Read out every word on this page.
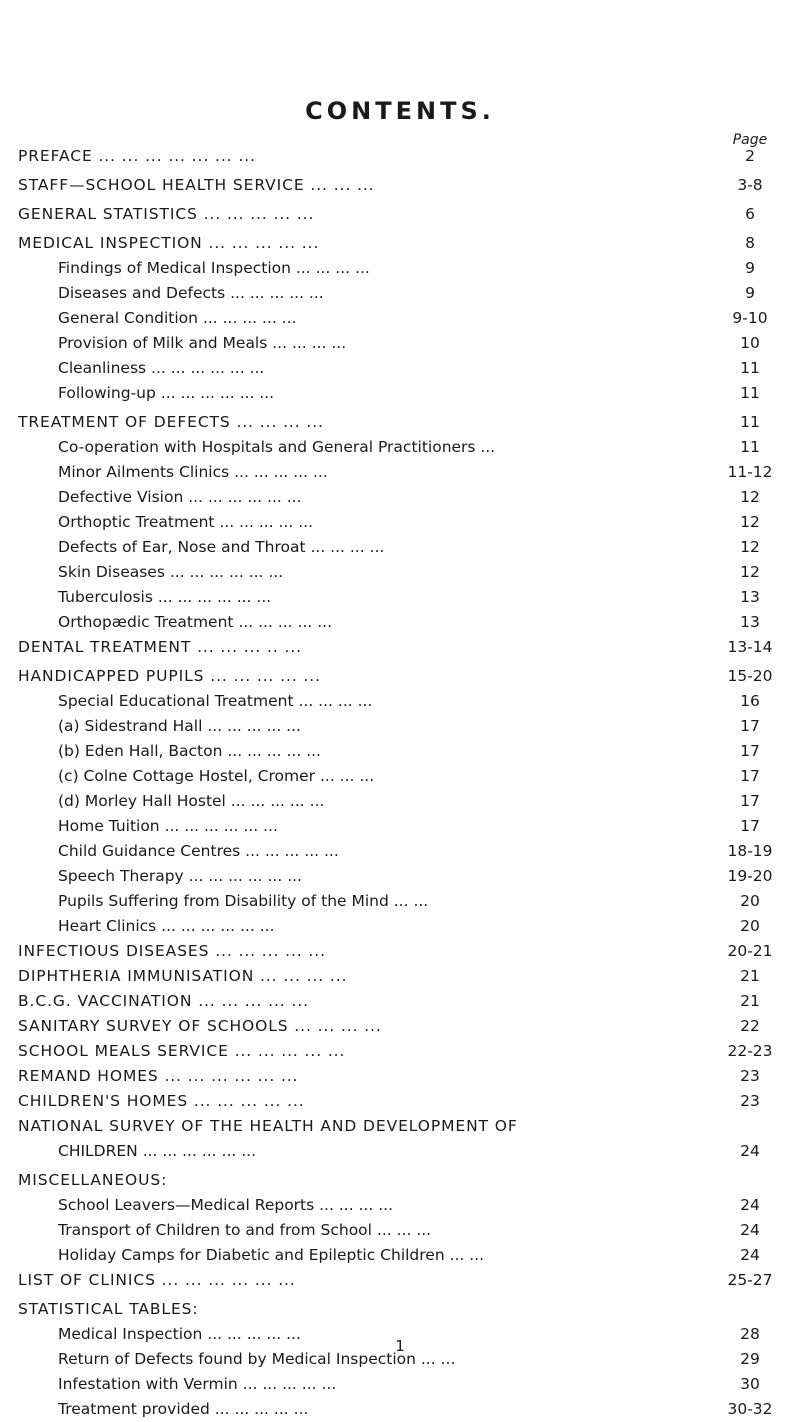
CONTENTS.
Page
PREFACE ... ... ... ... ... ... ...	2
STAFF—SCHOOL HEALTH SERVICE ... ... ...	3-8
GENERAL STATISTICS ... ... ... ... ...	6
MEDICAL INSPECTION ... ... ... ... ...	8
Findings of Medical Inspection ... ... ... ...	9
Diseases and Defects ... ... ... ... ...	9
General Condition ... ... ... ... ...	9-10
Provision of Milk and Meals ... ... ... ...	10
Cleanliness ... ... ... ... ... ...	11
Following-up ... ... ... ... ... ...	11
TREATMENT OF DEFECTS ... ... ... ...	11
Co-operation with Hospitals and General Practitioners ...	11
Minor Ailments Clinics ... ... ... ... ...	11-12
Defective Vision ... ... ... ... ... ...	12
Orthoptic Treatment ... ... ... ... ...	12
Defects of Ear, Nose and Throat ... ... ... ...	12
Skin Diseases ... ... ... ... ... ...	12
Tuberculosis ... ... ... ... ... ...	13
Orthopædic Treatment ... ... ... ... ...	13
DENTAL TREATMENT ... ... ... .. ...	13-14
HANDICAPPED PUPILS ... ... ... ... ...	15-20
Special Educational Treatment ... ... ... ...	16
(a) Sidestrand Hall ... ... ... ... ...	17
(b) Eden Hall, Bacton ... ... ... ... ...	17
(c) Colne Cottage Hostel, Cromer ... ... ...	17
(d) Morley Hall Hostel ... ... ... ... ...	17
Home Tuition ... ... ... ... ... ...	17
Child Guidance Centres ... ... ... ... ...	18-19
Speech Therapy ... ... ... ... ... ...	19-20
Pupils Suffering from Disability of the Mind ... ...	20
Heart Clinics ... ... ... ... ... ...	20
INFECTIOUS DISEASES ... ... ... ... ...	20-21
DIPHTHERIA IMMUNISATION ... ... ... ...	21
B.C.G. VACCINATION ... ... ... ... ...	21
SANITARY SURVEY OF SCHOOLS ... ... ... ...	22
SCHOOL MEALS SERVICE ... ... ... ... ...	22-23
REMAND HOMES ... ... ... ... ... ...	23
CHILDREN'S HOMES ... ... ... ... ...	23
NATIONAL SURVEY OF THE HEALTH AND DEVELOPMENT OF
CHILDREN ... ... ... ... ... ...	24
MISCELLANEOUS:
School Leavers—Medical Reports ... ... ... ...	24
Transport of Children to and from School ... ... ...	24
Holiday Camps for Diabetic and Epileptic Children ... ...	24
LIST OF CLINICS ... ... ... ... ... ...	25-27
STATISTICAL TABLES:
Medical Inspection ... ... ... ... ...	28
Return of Defects found by Medical Inspection ... ...	29
Infestation with Vermin ... ... ... ... ...	30
Treatment provided ... ... ... ... ...	30-32
1
